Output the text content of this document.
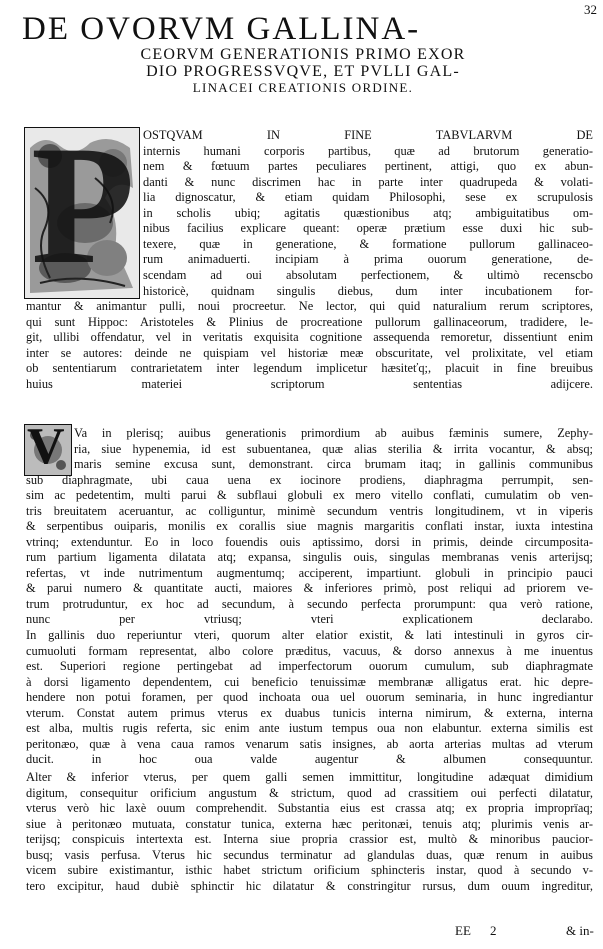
32
DE OVORVM GALLINA-
CEORVM GENERATIONIS PRIMO EXOR
DIO PROGRESSVQVE, ET PVLLI GAL-
LINACEI CREATIONIS ORDINE.
P
V
OSTQVAM IN FINE TABVLARVM DE
internis humani corporis partibus, quæ ad brutorum generatio-
nem & fœtuum partes peculiares pertinent, attigi, quo ex abun-
danti & nunc discrimen hac in parte inter quadrupeda & volati-
lia dignoscatur, & etiam quidam Philosophi, sese ex scrupulosis
in scholis ubiq; agitatis quæstionibus atq; ambiguitatibus om-
nibus facilius explicare queant: operæ prætium esse duxi hic sub-
texere, quæ in generatione, & formatione pullorum gallinaceo-
rum animaduerti. incipiam à prima ouorum generatione, de-
scendam ad oui absolutam perfectionem, & ultimò recenscbo
historicè, quidnam singulis diebus, dum inter incubationem for-
mantur & animantur pulli, noui procreetur. Ne lector, qui quid naturalium rerum scriptores,
qui sunt Hippoc: Aristoteles & Plinius de procreatione pullorum gallinaceorum, tradidere, le-
git, ullibi offendatur, vel in veritatis exquisita cognitione assequenda remoretur, dissentiunt enim
inter se autores: deinde ne quispiam vel historiæ meæ obscuritate, vel prolixitate, vel etiam
ob sententiarum contrarietatem inter legendum implicetur hæsiteťq;, placuit in fine breuibus
huius materiei scriptorum sententias adijcere.
Va in plerisq; auibus generationis primordium ab auibus fæminis sumere, Zephy-
ria, siue hypenemia, id est subuentanea, quæ alias sterilia & irrita vocantur, & absq;
maris semine excusa sunt, demonstrant. circa brumam itaq; in gallinis communibus
sub diaphragmate, ubi caua uena ex iocinore prodiens, diaphragma perrumpit, sen-
sim ac pedetentim, multi parui & subflaui globuli ex mero vitello conflati, cumulatim ob ven-
tris breuitatem aceruantur, ac colliguntur, minimè secundum ventris longitudinem, vt in viperis
& serpentibus ouiparis, monilis ex corallis siue magnis margaritis conflati instar, iuxta intestina
vtrinq; extenduntur. Eo in loco fouendis ouis aptissimo, dorsi in primis, deinde circumposita-
rum partium ligamenta dilatata atq; expansa, singulis ouis, singulas membranas venis arterijsq;
refertas, vt inde nutrimentum augmentumq; acciperent, impartiunt. globuli in principio pauci
& parui numero & quantitate aucti, maiores & inferiores primò, post reliqui ad priorem ve-
trum protruduntur, ex hoc ad secundum, à secundo perfecta prorumpunt: qua verò ratione,
nunc per vtriusq; vteri explicationem declarabo.
In gallinis duo reperiuntur vteri, quorum alter elatior existit, & lati intestinuli in gyros cir-
cumuoluti formam representat, albo colore præditus, vacuus, & dorso annexus à me inuentus
est. Superiori regione pertingebat ad imperfectorum ouorum cumulum, sub diaphragmate
à dorsi ligamento dependentem, cui beneficio tenuissimæ membranæ alligatus erat. hic depre-
hendere non potui foramen, per quod inchoata oua uel ouorum seminaria, in hunc ingrediantur
vterum. Constat autem primus vterus ex duabus tunicis interna nimirum, & externa, interna
est alba, multis rugis referta, sic enim ante iustum tempus oua non elabuntur. externa similis est
peritonæo, quæ à vena caua ramos venarum satis insignes, ab aorta arterias multas ad vterum
ducit. in hoc oua valde augentur & albumen consequuntur.
Alter & inferior vterus, per quem galli semen immittitur, longitudine adæquat dimidium
digitum, consequitur orificium angustum & strictum, quod ad crassitiem oui perfecti dilatatur,
vterus verò hic laxè ouum comprehendit. Substantia eius est crassa atq; ex propria improprïaq;
siue à peritonæo mutuata, constatur tunica, externa hæc peritonæi, tenuis atq; plurimis venis ar-
terijsq; conspicuis intertexta est. Interna siue propria crassior est, multò & minoribus paucior-
busq; vasis perfusa. Vterus hic secundus terminatur ad glandulas duas, quæ renum in auibus
vicem subire existimantur, isthic habet strictum orificium sphincteris instar, quod à secundo v-
tero excipitur, haud dubiè sphinctir hic dilatatur & constringitur rursus, dum ouum ingreditur,
EE 2	& in-
